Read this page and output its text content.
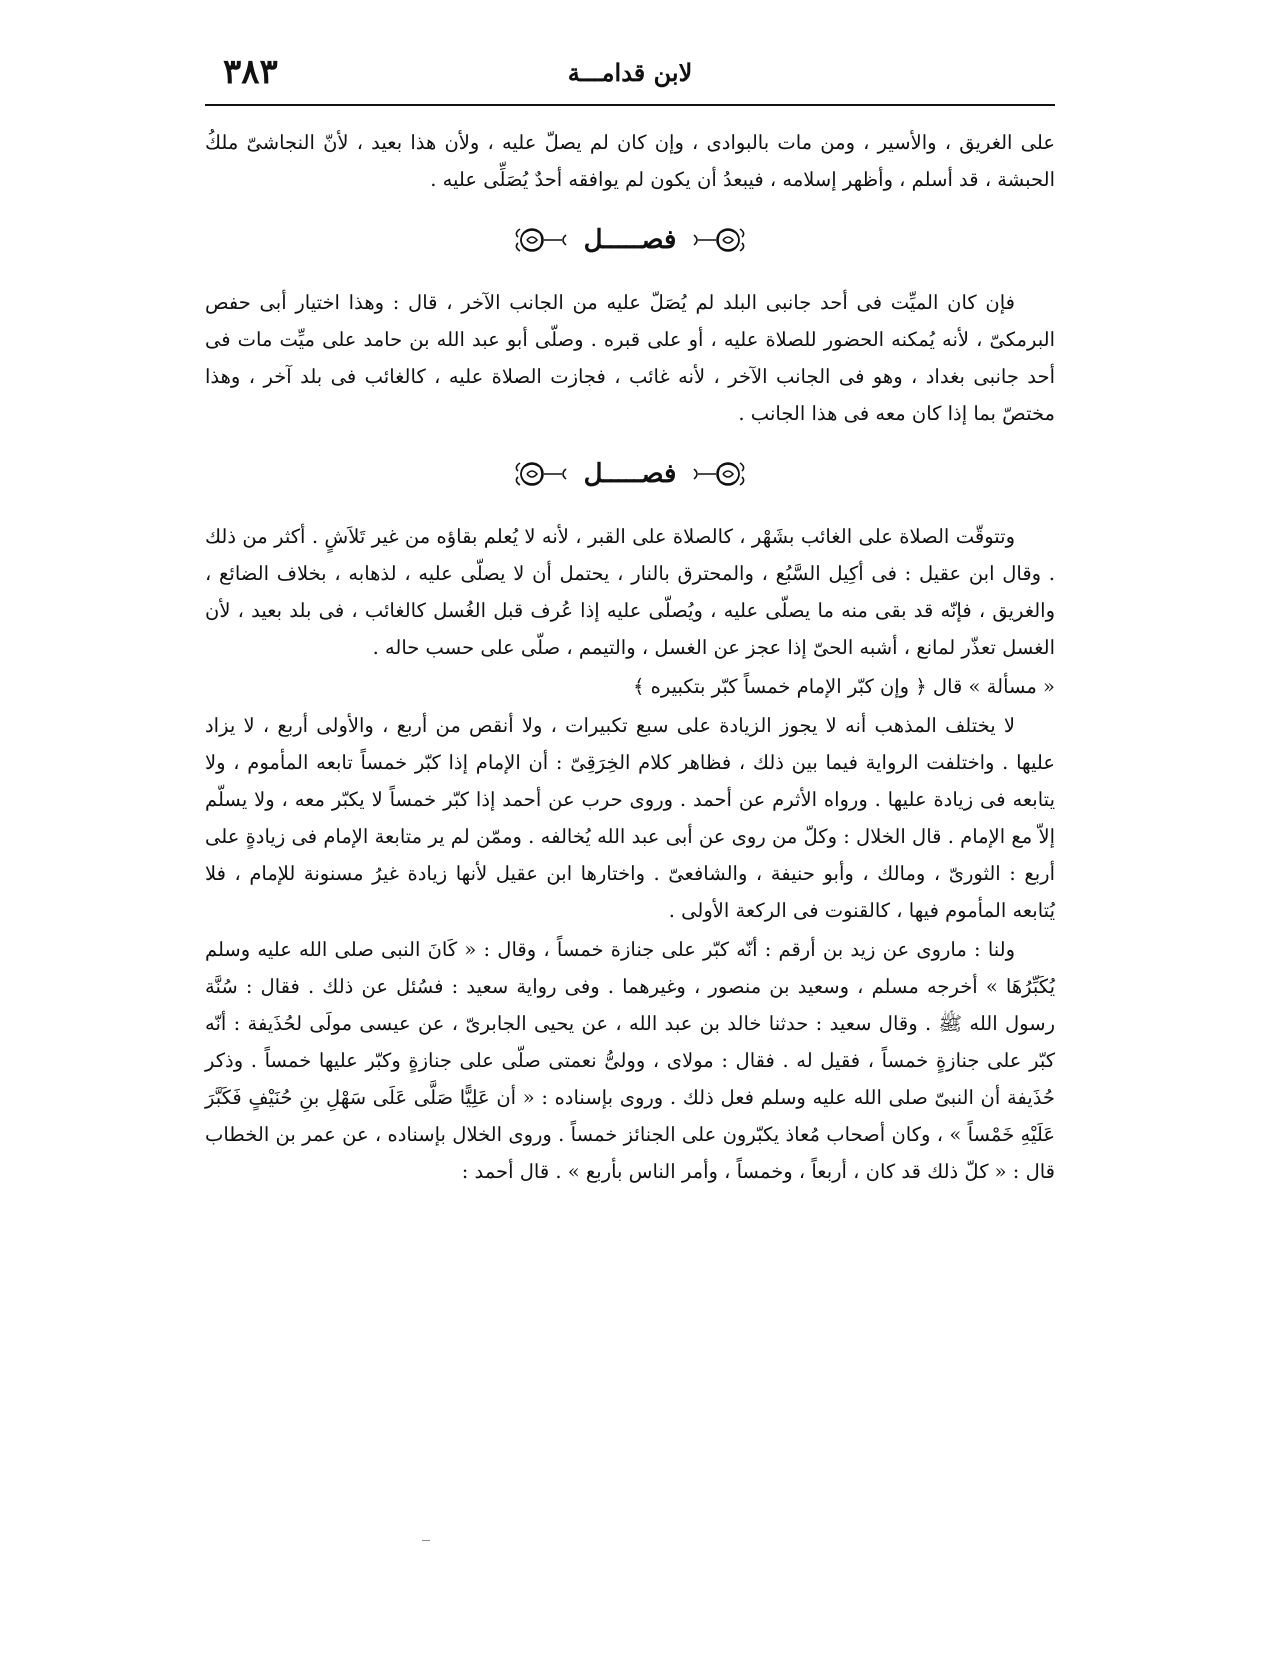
لابن قدامـــة
٣٨٣

على الغريق ، والأسير ، ومن مات بالبوادى ، وإن كان لم يصلّ عليه ، ولأن هذا بعيد ، لأنّ النجاشىّ ملكُ الحبشة ، قد أسلم ، وأظهر إسلامه ، فيبعدُ أن يكون لم يوافقه أحدٌ يُصَلِّى عليه .

فصـــــل

فإن كان الميِّت فى أحد جانبى البلد لم يُصَلّ عليه من الجانب الآخر ، قال : وهذا اختيار أبى حفص البرمكىّ ، لأنه يُمكنه الحضور للصلاة عليه ، أو على قبره . وصلّى أبو عبد الله بن حامد على ميِّت مات فى أحد جانبى بغداد ، وهو فى الجانب الآخر ، لأنه غائب ، فجازت الصلاة عليه ، كالغائب فى بلد آخر ، وهذا مختصّ بما إذا كان معه فى هذا الجانب .

فصـــــل

وتتوقّت الصلاة على الغائب بشَهْر ، كالصلاة على القبر ، لأنه لا يُعلم بقاؤه من غير تَلاَشٍ . أكثر من ذلك . وقال ابن عقيل : فى أكِيل السَّبُع ، والمحترق بالنار ، يحتمل أن لا يصلّى عليه ، لذهابه ، بخلاف الضائع ، والغريق ، فإنّه قد بقى منه ما يصلّى عليه ، ويُصلّى عليه إذا عُرف قبل الغُسل كالغائب ، فى بلد بعيد ، لأن الغسل تعذّر لمانع ، أشبه الحىّ إذا عجز عن الغسل ، والتيمم ، صلّى على حسب حاله .

« مسألة » قال ﴿ وإن كبّر الإمام خمساً كبّر بتكبيره ﴾

لا يختلف المذهب أنه لا يجوز الزيادة على سبع تكبيرات ، ولا أنقص من أربع ، والأولى أربع ، لا يزاد عليها . واختلفت الرواية فيما بين ذلك ، فظاهر كلام الخِرَقِىّ : أن الإمام إذا كبّر خمساً تابعه المأموم ، ولا يتابعه فى زيادة عليها . ورواه الأثرم عن أحمد . وروى حرب عن أحمد إذا كبّر خمساً لا يكبّر معه ، ولا يسلّم إلاّ مع الإمام . قال الخلال : وكلّ من روى عن أبى عبد الله يُخالفه . وممّن لم ير متابعة الإمام فى زيادةٍ على أربع : الثورىّ ، ومالك ، وأبو حنيفة ، والشافعىّ . واختارها ابن عقيل لأنها زيادة غيرُ مسنونة للإمام ، فلا يُتابعه المأموم فيها ، كالقنوت فى الركعة الأولى .

ولنا : ماروى عن زيد بن أرقم : أنّه كبّر على جنازة خمساً ، وقال : « كَانَ النبى صلى الله عليه وسلم يُكَبِّرُهَا » أخرجه مسلم ، وسعيد بن منصور ، وغيرهما . وفى رواية سعيد : فسُئل عن ذلك . فقال : سُنَّة رسول الله ﷺ . وقال سعيد : حدثنا خالد بن عبد الله ، عن يحيى الجابرىّ ، عن عيسى مولَى لحُذَيفة : أنّه كبّر على جنازةٍ خمساً ، فقيل له . فقال : مولاى ، وولىُّ نعمتى صلّى على جنازةٍ وكبّر عليها خمساً . وذكر حُذَيفة أن النبىّ صلى الله عليه وسلم فعل ذلك . وروى بإسناده : « أن عَلِيًّا صَلَّى عَلَى سَهْلِ بنِ حُنَيْفٍ فَكَبَّرَ عَلَيْهِ خَمْساً » ، وكان أصحاب مُعاذ يكبّرون على الجنائز خمساً . وروى الخلال بإسناده ، عن عمر بن الخطاب قال : « كلّ ذلك قد كان ، أربعاً ، وخمساً ، وأمر الناس بأربع » . قال أحمد :
